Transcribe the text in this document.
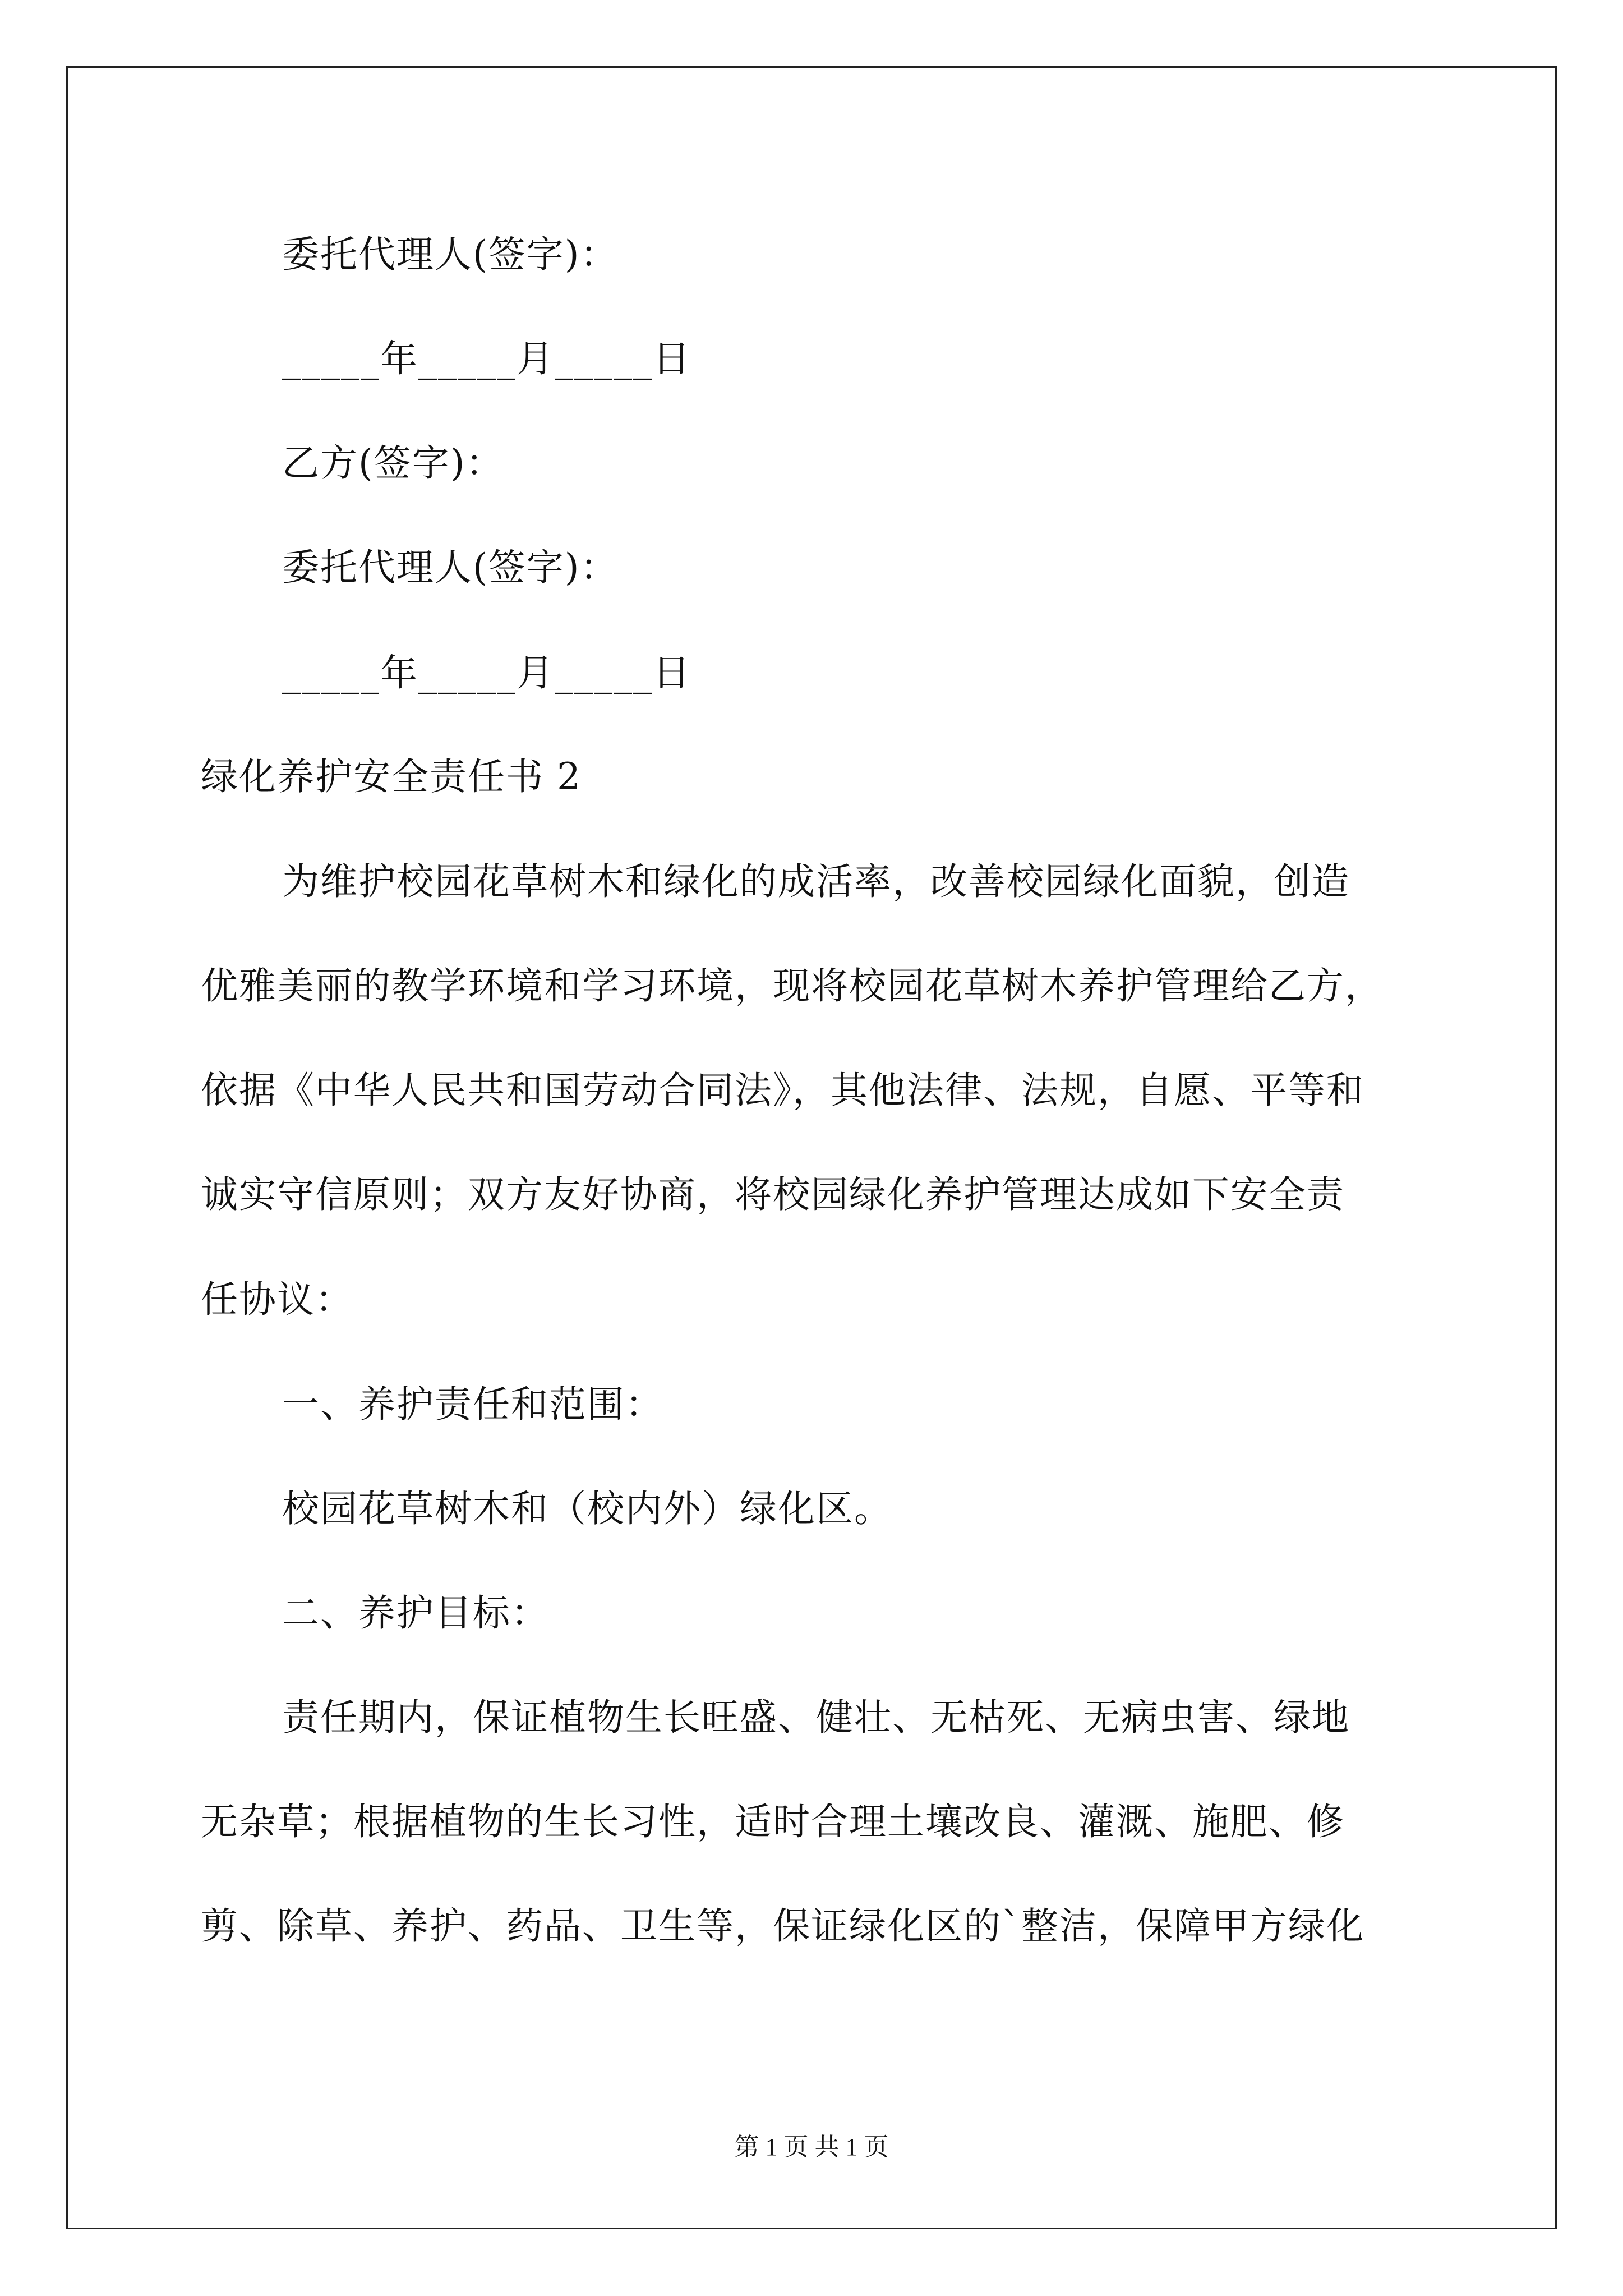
委托代理人(签字)：
_____年_____月_____日
乙方(签字)：
委托代理人(签字)：
_____年_____月_____日
绿化养护安全责任书 2
为维护校园花草树木和绿化的成活率，改善校园绿化面貌，创造
优雅美丽的教学环境和学习环境，现将校园花草树木养护管理给乙方，
依据《中华人民共和国劳动合同法》，其他法律、法规，自愿、平等和
诚实守信原则；双方友好协商，将校园绿化养护管理达成如下安全责
任协议：
一、养护责任和范围：
校园花草树木和（校内外）绿化区。
二、养护目标：
责任期内，保证植物生长旺盛、健壮、无枯死、无病虫害、绿地
无杂草；根据植物的生长习性，适时合理土壤改良、灌溉、施肥、修
剪、除草、养护、药品、卫生等，保证绿化区的`整洁，保障甲方绿化
第 1 页 共 1 页
